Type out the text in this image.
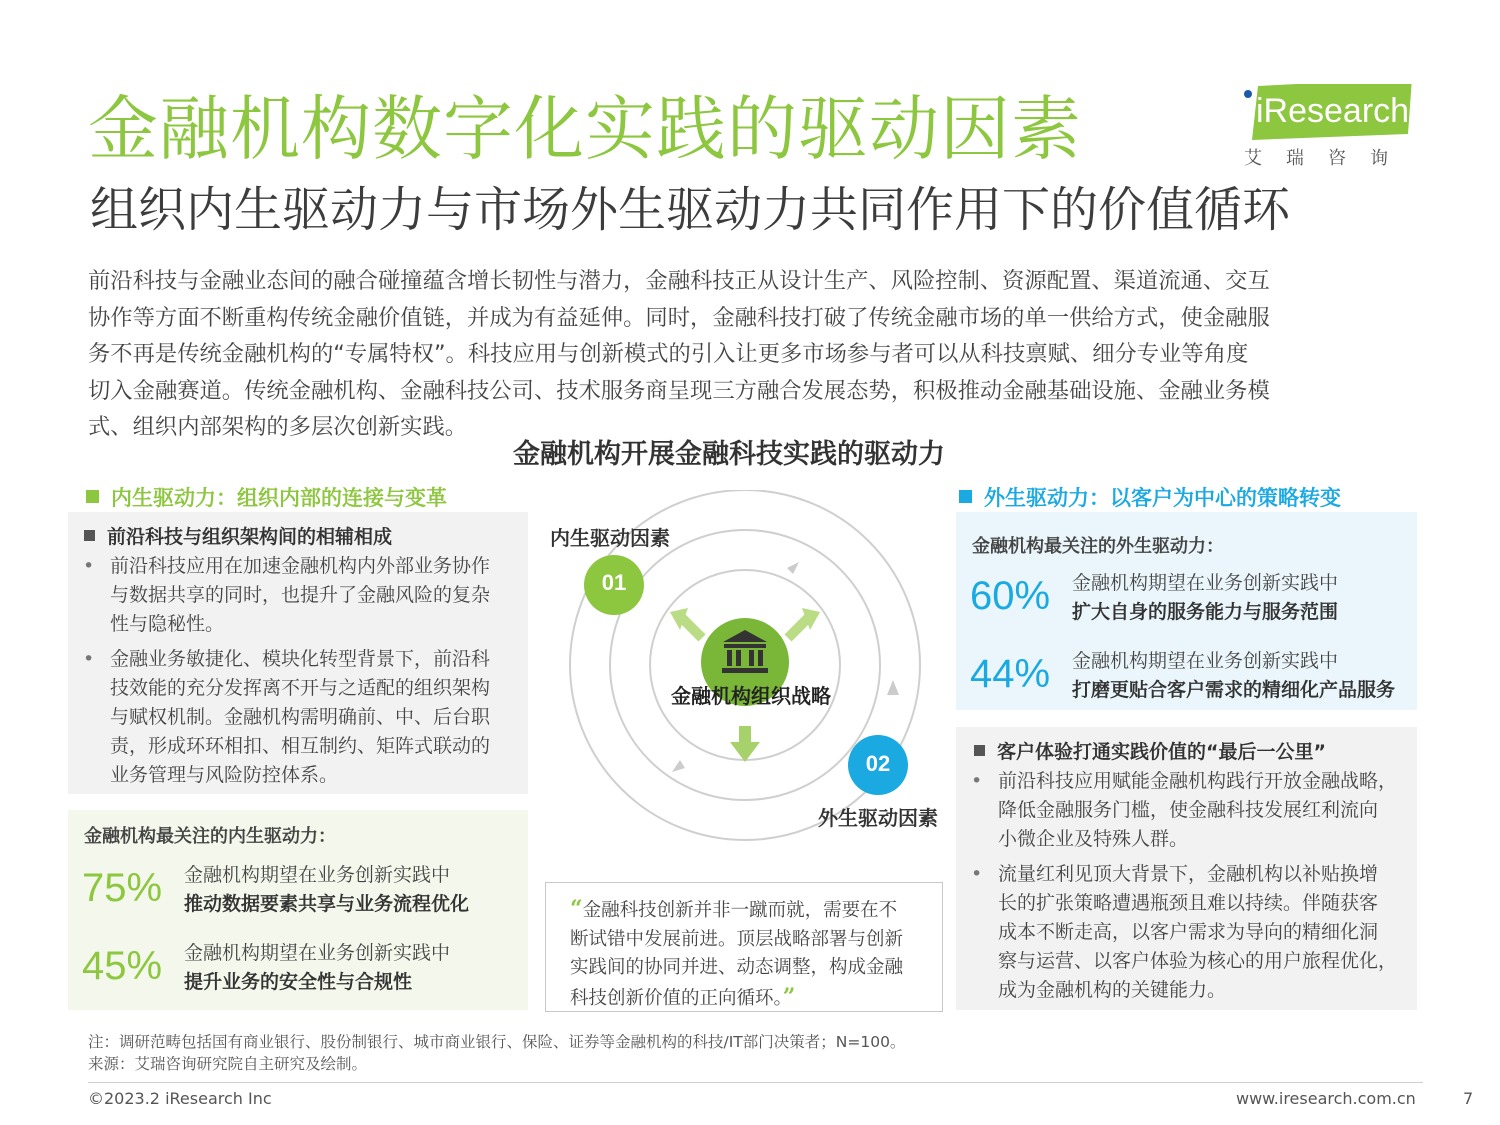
金融机构数字化实践的驱动因素
组织内生驱动力与市场外生驱动力共同作用下的价值循环
iResearch
艾瑞咨询

前沿科技与金融业态间的融合碰撞蕴含增长韧性与潜力，金融科技正从设计生产、风险控制、资源配置、渠道流通、交互

协作等方面不断重构传统金融价值链，并成为有益延伸。同时，金融科技打破了传统金融市场的单一供给方式，使金融服

务不再是传统金融机构的“专属特权”。科技应用与创新模式的引入让更多市场参与者可以从科技禀赋、细分专业等角度

切入金融赛道。传统金融机构、金融科技公司、技术服务商呈现三方融合发展态势，积极推动金融基础设施、金融业务模

式、组织内部架构的多层次创新实践。

金融机构开展金融科技实践的驱动力
内生驱动力：组织内部的连接与变革
前沿科技与组织架构间的相辅相成
• 前沿科技应用在加速金融机构内外部业务协作
与数据共享的同时，也提升了金融风险的复杂
性与隐秘性。
• 金融业务敏捷化、模块化转型背景下，前沿科
技效能的充分发挥离不开与之适配的组织架构
与赋权机制。金融机构需明确前、中、后台职
责，形成环环相扣、相互制约、矩阵式联动的
业务管理与风险防控体系。
金融机构最关注的内生驱动力：
75% 金融机构期望在业务创新实践中
推动数据要素共享与业务流程优化
45% 金融机构期望在业务创新实践中
提升业务的安全性与合规性
01
02
内生驱动因素
外生驱动因素
金融机构组织战略

“金融科技创新并非一蹴而就，需要在不

断试错中发展前进。顶层战略部署与创新

实践间的协同并进、动态调整，构成金融

科技创新价值的正向循环。”

外生驱动力：以客户为中心的策略转变
金融机构最关注的外生驱动力：
60% 金融机构期望在业务创新实践中
扩大自身的服务能力与服务范围
44% 金融机构期望在业务创新实践中
打磨更贴合客户需求的精细化产品服务
客户体验打通实践价值的“最后一公里”
• 前沿科技应用赋能金融机构践行开放金融战略，
降低金融服务门槛，使金融科技发展红利流向
小微企业及特殊人群。
• 流量红利见顶大背景下，金融机构以补贴换增
长的扩张策略遭遇瓶颈且难以持续。伴随获客
成本不断走高，以客户需求为导向的精细化洞
察与运营、以客户体验为核心的用户旅程优化，
成为金融机构的关键能力。
注：调研范畴包括国有商业银行、股份制银行、城市商业银行、保险、证券等金融机构的科技/IT部门决策者；N=100。
来源：艾瑞咨询研究院自主研究及绘制。
©2023.2 iResearch Inc	www.iresearch.com.cn	7
